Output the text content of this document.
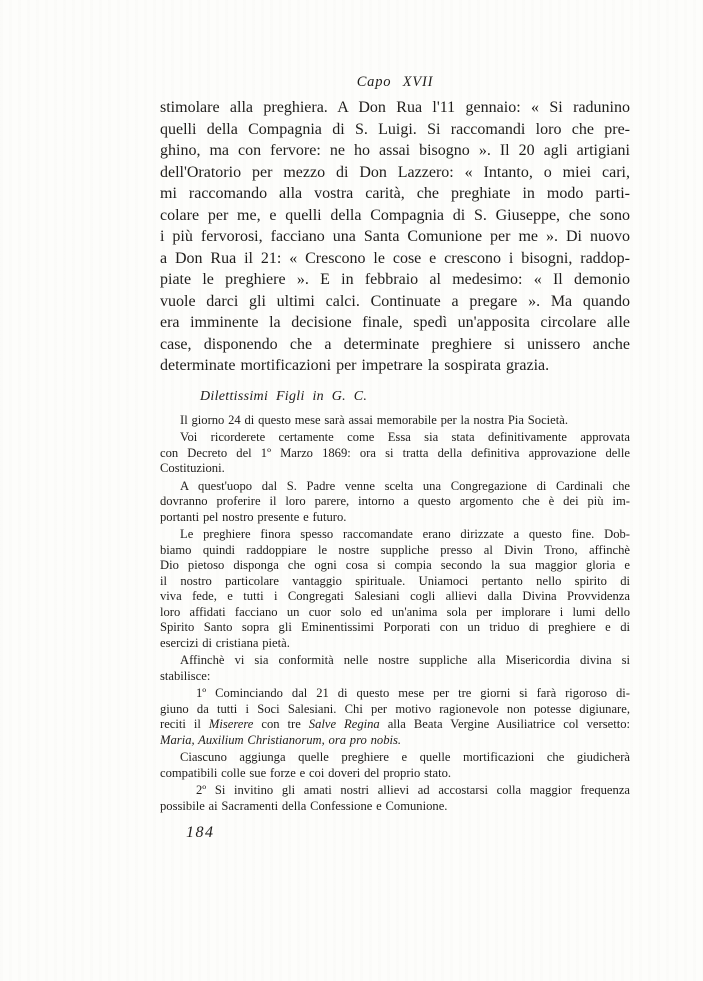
Capo XVII
stimolare alla preghiera. A Don Rua l'11 gennaio: « Si radunino
quelli della Compagnia di S. Luigi. Si raccomandi loro che pre-
ghino, ma con fervore: ne ho assai bisogno ». Il 20 agli artigiani
dell'Oratorio per mezzo di Don Lazzero: « Intanto, o miei cari,
mi raccomando alla vostra carità, che preghiate in modo parti-
colare per me, e quelli della Compagnia di S. Giuseppe, che sono
i più fervorosi, facciano una Santa Comunione per me ». Di nuovo
a Don Rua il 21: « Crescono le cose e crescono i bisogni, raddop-
piate le preghiere ». E in febbraio al medesimo: « Il demonio
vuole darci gli ultimi calci. Continuate a pregare ». Ma quando
era imminente la decisione finale, spedì un'apposita circolare alle
case, disponendo che a determinate preghiere si unissero anche
determinate mortificazioni per impetrare la sospirata grazia.
Dilettissimi Figli in G. C.
Il giorno 24 di questo mese sarà assai memorabile per la nostra Pia Società.
Voi ricorderete certamente come Essa sia stata definitivamente approvata
con Decreto del 1º Marzo 1869: ora si tratta della definitiva approvazione delle
Costituzioni.
A quest'uopo dal S. Padre venne scelta una Congregazione di Cardinali che
dovranno proferire il loro parere, intorno a questo argomento che è dei più im-
portanti pel nostro presente e futuro.
Le preghiere finora spesso raccomandate erano dirizzate a questo fine. Dob-
biamo quindi raddoppiare le nostre suppliche presso al Divin Trono, affinchè
Dio pietoso disponga che ogni cosa si compia secondo la sua maggior gloria e
il nostro particolare vantaggio spirituale. Uniamoci pertanto nello spirito di
viva fede, e tutti i Congregati Salesiani cogli allievi dalla Divina Provvidenza
loro affidati facciano un cuor solo ed un'anima sola per implorare i lumi dello
Spirito Santo sopra gli Eminentissimi Porporati con un triduo di preghiere e di
esercizi di cristiana pietà.
Affinchè vi sia conformità nelle nostre suppliche alla Misericordia divina si
stabilisce:
1º Cominciando dal 21 di questo mese per tre giorni si farà rigoroso di-
giuno da tutti i Soci Salesiani. Chi per motivo ragionevole non potesse digiunare,
reciti il Miserere con tre Salve Regina alla Beata Vergine Ausiliatrice col versetto:
Maria, Auxilium Christianorum, ora pro nobis.
Ciascuno aggiunga quelle preghiere e quelle mortificazioni che giudicherà
compatibili colle sue forze e coi doveri del proprio stato.
2º Si invitino gli amati nostri allievi ad accostarsi colla maggior frequenza
possibile ai Sacramenti della Confessione e Comunione.
184
